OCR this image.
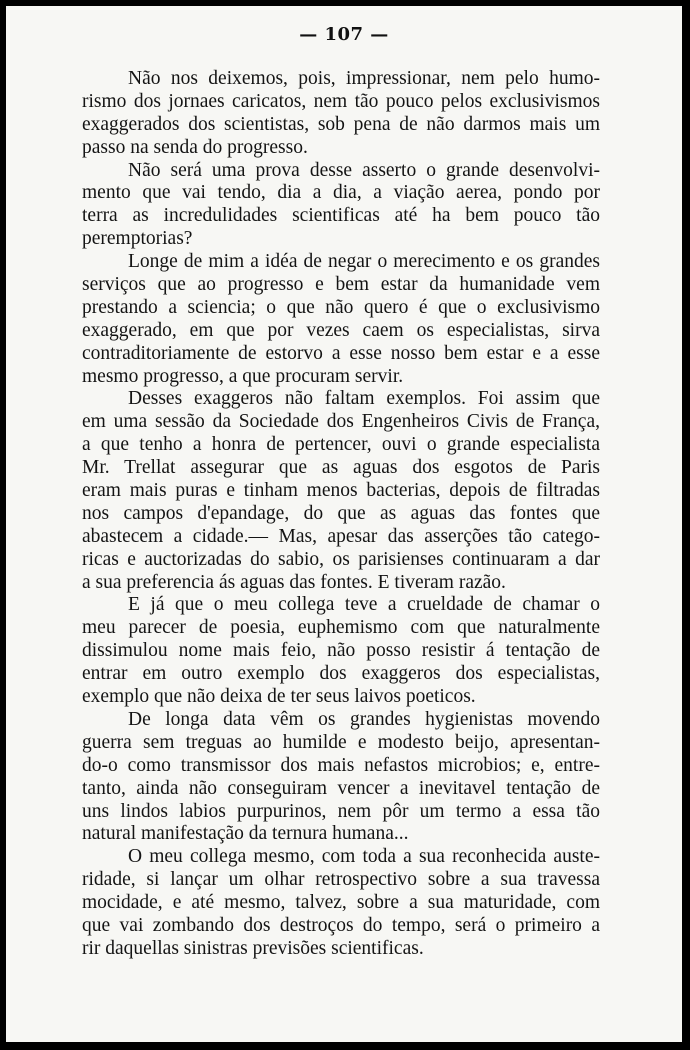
— 107 —
Não nos deixemos, pois, impressionar, nem pelo humo-
rismo dos jornaes caricatos, nem tão pouco pelos exclusivismos
exaggerados dos scientistas, sob pena de não darmos mais um
passo na senda do progresso.
Não será uma prova desse asserto o grande desenvolvi-
mento que vai tendo, dia a dia, a viação aerea, pondo por
terra as incredulidades scientificas até ha bem pouco tão
peremptorias?
Longe de mim a idéa de negar o merecimento e os grandes
serviços que ao progresso e bem estar da humanidade vem
prestando a sciencia; o que não quero é que o exclusivismo
exaggerado, em que por vezes caem os especialistas, sirva
contraditoriamente de estorvo a esse nosso bem estar e a esse
mesmo progresso, a que procuram servir.
Desses exaggeros não faltam exemplos. Foi assim que
em uma sessão da Sociedade dos Engenheiros Civis de França,
a que tenho a honra de pertencer, ouvi o grande especialista
Mr. Trellat assegurar que as aguas dos esgotos de Paris
eram mais puras e tinham menos bacterias, depois de filtradas
nos campos d'epandage, do que as aguas das fontes que
abastecem a cidade.— Mas, apesar das asserções tão catego-
ricas e auctorizadas do sabio, os parisienses continuaram a dar
a sua preferencia ás aguas das fontes. E tiveram razão.
E já que o meu collega teve a crueldade de chamar o
meu parecer de poesia, euphemismo com que naturalmente
dissimulou nome mais feio, não posso resistir á tentação de
entrar em outro exemplo dos exaggeros dos especialistas,
exemplo que não deixa de ter seus laivos poeticos.
De longa data vêm os grandes hygienistas movendo
guerra sem treguas ao humilde e modesto beijo, apresentan-
do-o como transmissor dos mais nefastos microbios; e, entre-
tanto, ainda não conseguiram vencer a inevitavel tentação de
uns lindos labios purpurinos, nem pôr um termo a essa tão
natural manifestação da ternura humana...
O meu collega mesmo, com toda a sua reconhecida auste-
ridade, si lançar um olhar retrospectivo sobre a sua travessa
mocidade, e até mesmo, talvez, sobre a sua maturidade, com
que vai zombando dos destroços do tempo, será o primeiro a
rir daquellas sinistras previsões scientificas.
